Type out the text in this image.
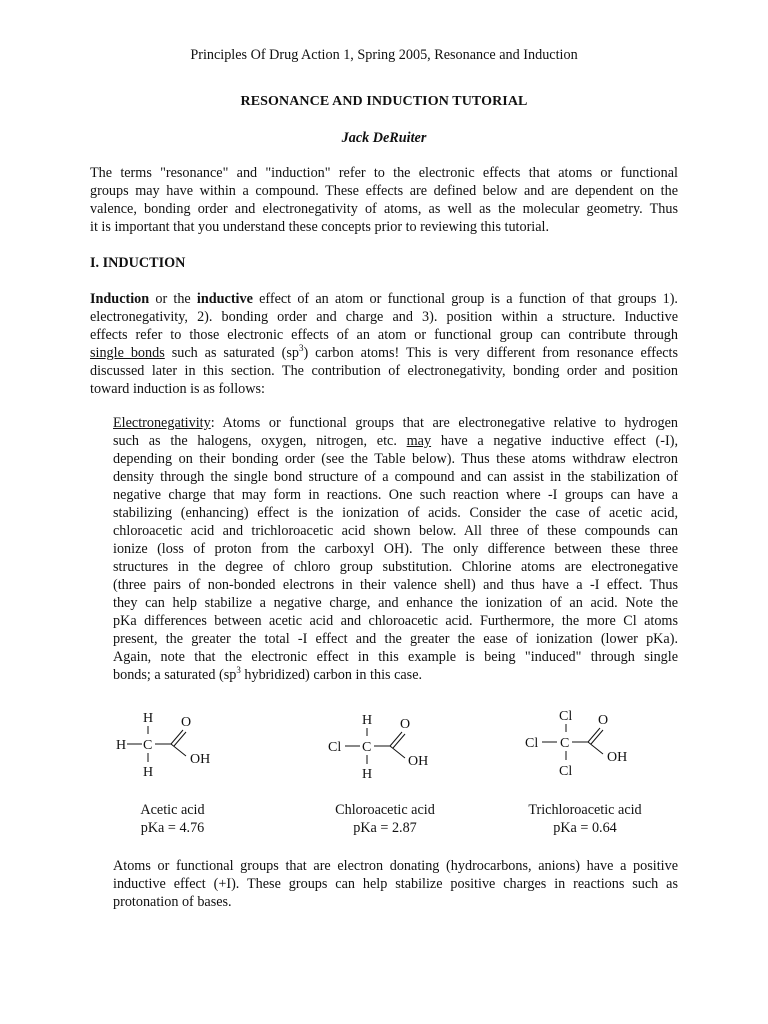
Principles Of Drug Action 1, Spring 2005, Resonance and Induction
RESONANCE AND INDUCTION TUTORIAL
Jack DeRuiter
The terms "resonance" and "induction" refer to the electronic effects that atoms or functional
groups may have within a compound. These effects are defined below and are dependent on the
valence, bonding order and electronegativity of atoms, as well as the molecular geometry. Thus
it is important that you understand these concepts prior to reviewing this tutorial.
I. INDUCTION
Induction or the inductive effect of an atom or functional group is a function of that groups 1).
electronegativity, 2). bonding order and charge and 3). position within a structure. Inductive
effects refer to those electronic effects of an atom or functional group can contribute through
single bonds such as saturated $(sp^3)$ carbon atoms! This is very different from resonance effects
discussed later in this section. The contribution of electronegativity, bonding order and position
toward induction is as follows:
Electronegativity: Atoms or functional groups that are electronegative relative to hydrogen
such as the halogens, oxygen, nitrogen, etc. may have a negative inductive effect (-I),
depending on their bonding order (see the Table below). Thus these atoms withdraw electron
density through the single bond structure of a compound and can assist in the stabilization of
negative charge that may form in reactions. One such reaction where -I groups can have a
stabilizing (enhancing) effect is the ionization of acids. Consider the case of acetic acid,
chloroacetic acid and trichloroacetic acid shown below. All three of these compounds can
ionize (loss of proton from the carboxyl OH). The only difference between these three
structures in the degree of chloro group substitution. Chlorine atoms are electronegative
(three pairs of non-bonded electrons in their valence shell) and thus have a -I effect. Thus
they can help stabilize a negative charge, and enhance the ionization of an acid. Note the
pKa differences between acetic acid and chloroacetic acid. Furthermore, the more Cl atoms
present, the greater the total -I effect and the greater the ease of ionization (lower pKa).
Again, note that the electronic effect in this example is being "induced" through single
bonds; a saturated ($sp^3$ hybridized) carbon in this case.
H
H C
H
O
OH
H
Cl C
H
O
OH
Cl
Cl C
Cl
O
OH
Acetic acid
pKa = 4.76
Chloroacetic acid
pKa = 2.87
Trichloroacetic acid
pKa = 0.64
Atoms or functional groups that are electron donating (hydrocarbons, anions) have a positive
inductive effect (+I). These groups can help stabilize positive charges in reactions such as
protonation of bases.
